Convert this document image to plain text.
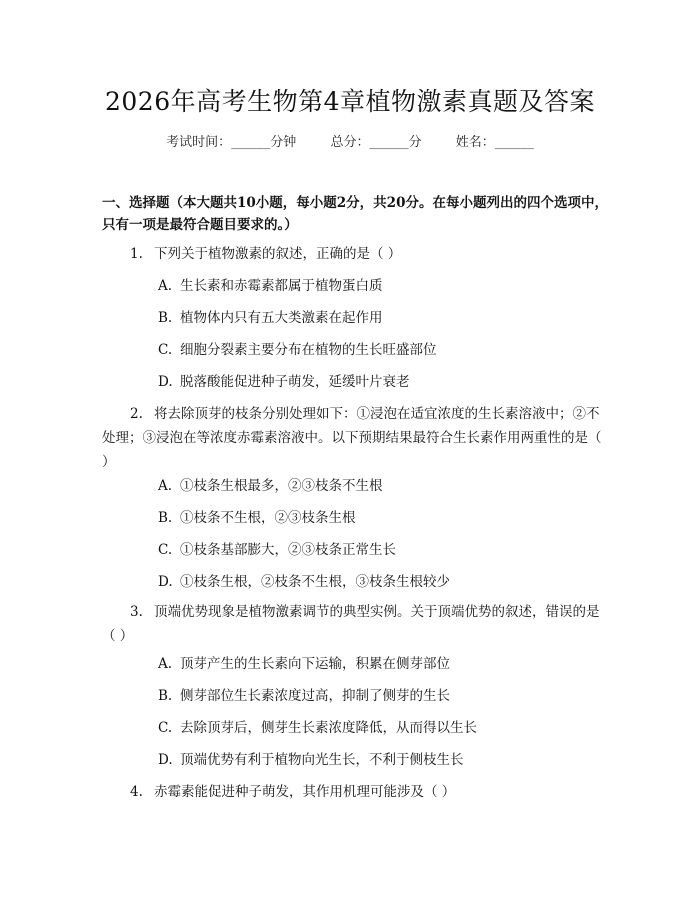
2026年高考生物第4章植物激素真题及答案
考试时间：______分钟	总分：______分	姓名：______
一、选择题（本大题共10小题，每小题2分，共20分。在每小题列出的四个选项中，只有一项是最符合题目要求的。）
1. 下列关于植物激素的叙述，正确的是（ ）
A. 生长素和赤霉素都属于植物蛋白质
B. 植物体内只有五大类激素在起作用
C. 细胞分裂素主要分布在植物的生长旺盛部位
D. 脱落酸能促进种子萌发，延缓叶片衰老
2. 将去除顶芽的枝条分别处理如下：①浸泡在适宜浓度的生长素溶液中；②不处理；③浸泡在等浓度赤霉素溶液中。以下预期结果最符合生长素作用两重性的是（ ）
A. ①枝条生根最多，②③枝条不生根
B. ①枝条不生根，②③枝条生根
C. ①枝条基部膨大，②③枝条正常生长
D. ①枝条生根，②枝条不生根，③枝条生根较少
3. 顶端优势现象是植物激素调节的典型实例。关于顶端优势的叙述，错误的是（ ）
A. 顶芽产生的生长素向下运输，积累在侧芽部位
B. 侧芽部位生长素浓度过高，抑制了侧芽的生长
C. 去除顶芽后，侧芽生长素浓度降低，从而得以生长
D. 顶端优势有利于植物向光生长，不利于侧枝生长
4. 赤霉素能促进种子萌发，其作用机理可能涉及（ ）
